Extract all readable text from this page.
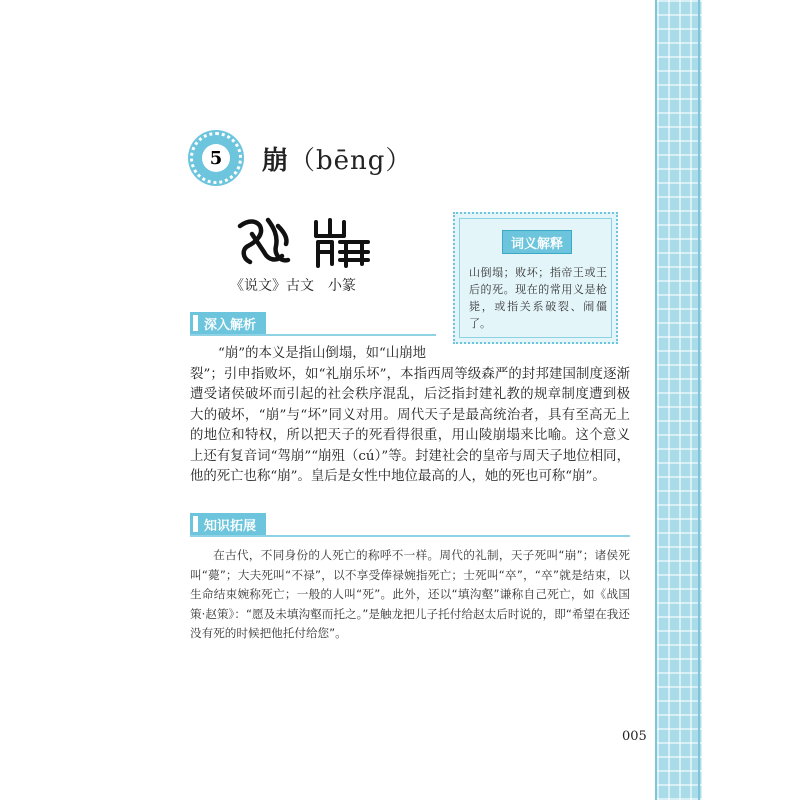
5 崩（bēng）
《说文》古文　小篆
词义解释
山倒塌；败坏；指帝王或王后的死。现在的常用义是枪毙，或指关系破裂、闹僵了。
深入解析

“崩”的本义是指山倒塌，如“山崩地

裂”；引申指败坏，如“礼崩乐坏”，本指西周等级森严的封邦建国制度逐渐遭受诸侯破坏而引起的社会秩序混乱，后泛指封建礼教的规章制度遭到极大的破坏，“崩”与“坏”同义对用。周代天子是最高统治者，具有至高无上的地位和特权，所以把天子的死看得很重，用山陵崩塌来比喻。这个意义上还有复音词“驾崩”“崩殂（cú）”等。封建社会的皇帝与周天子地位相同，他的死亡也称“崩”。皇后是女性中地位最高的人，她的死也可称“崩”。

知识拓展

在古代，不同身份的人死亡的称呼不一样。周代的礼制，天子死叫“崩”；诸侯死叫“薨”；大夫死叫“不禄”，以不享受俸禄婉指死亡；士死叫“卒”，“卒”就是结束，以生命结束婉称死亡；一般的人叫“死”。此外，还以“填沟壑”谦称自己死亡，如《战国策·赵策》：“愿及未填沟壑而托之。”是触龙把儿子托付给赵太后时说的，即“希望在我还没有死的时候把他托付给您”。

005
